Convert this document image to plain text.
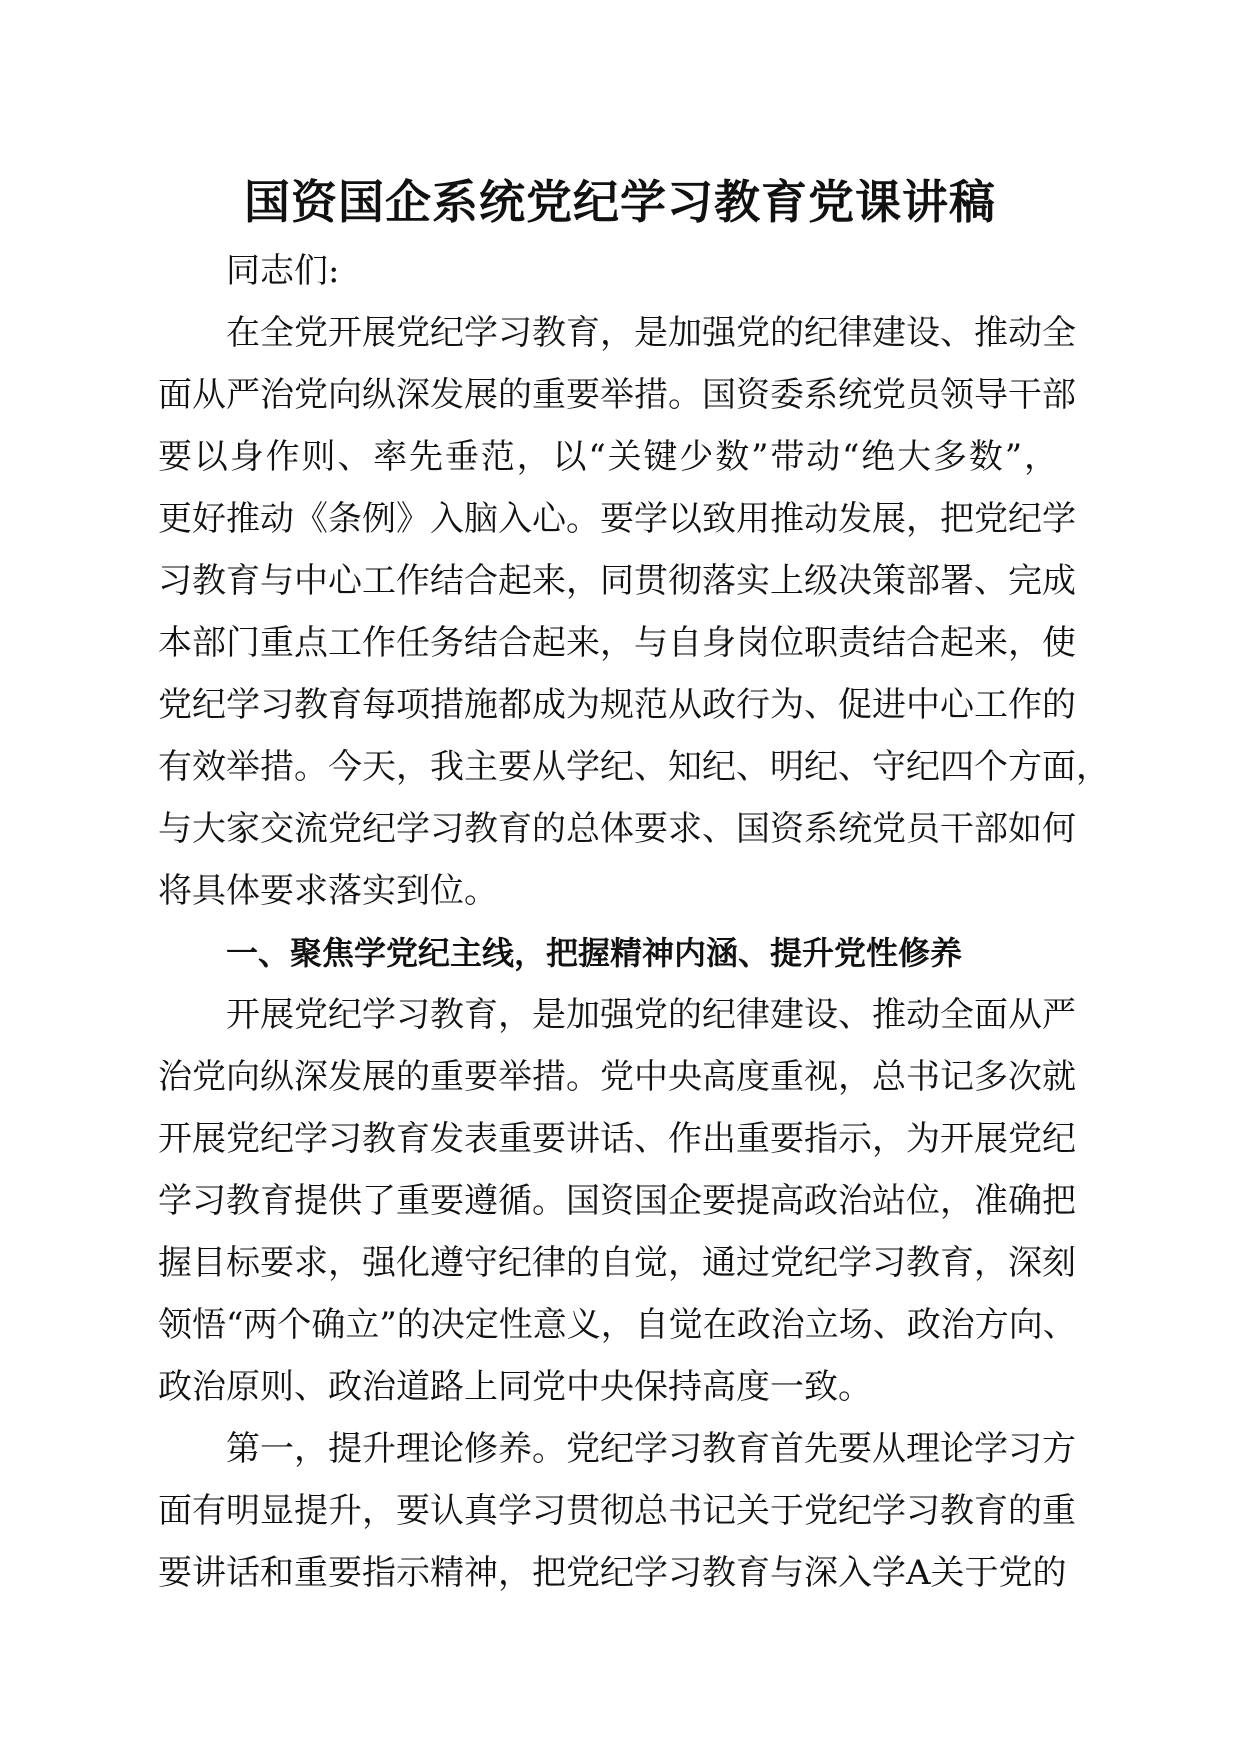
国资国企系统党纪学习教育党课讲稿
同志们:
在全党开展党纪学习教育，是加强党的纪律建设、推动全
面从严治党向纵深发展的重要举措。国资委系统党员领导干部
要以身作则、率先垂范，以“关键少数”带动“绝大多数”，
更好推动《条例》入脑入心。要学以致用推动发展，把党纪学
习教育与中心工作结合起来，同贯彻落实上级决策部署、完成
本部门重点工作任务结合起来，与自身岗位职责结合起来，使
党纪学习教育每项措施都成为规范从政行为、促进中心工作的
有效举措。今天，我主要从学纪、知纪、明纪、守纪四个方面，
与大家交流党纪学习教育的总体要求、国资系统党员干部如何
将具体要求落实到位。
一、聚焦学党纪主线，把握精神内涵、提升党性修养
开展党纪学习教育，是加强党的纪律建设、推动全面从严
治党向纵深发展的重要举措。党中央高度重视，总书记多次就
开展党纪学习教育发表重要讲话、作出重要指示，为开展党纪
学习教育提供了重要遵循。国资国企要提高政治站位，准确把
握目标要求，强化遵守纪律的自觉，通过党纪学习教育，深刻
领悟“两个确立”的决定性意义，自觉在政治立场、政治方向、
政治原则、政治道路上同党中央保持高度一致。
第一，提升理论修养。党纪学习教育首先要从理论学习方
面有明显提升，要认真学习贯彻总书记关于党纪学习教育的重
要讲话和重要指示精神，把党纪学习教育与深入学A关于党的
